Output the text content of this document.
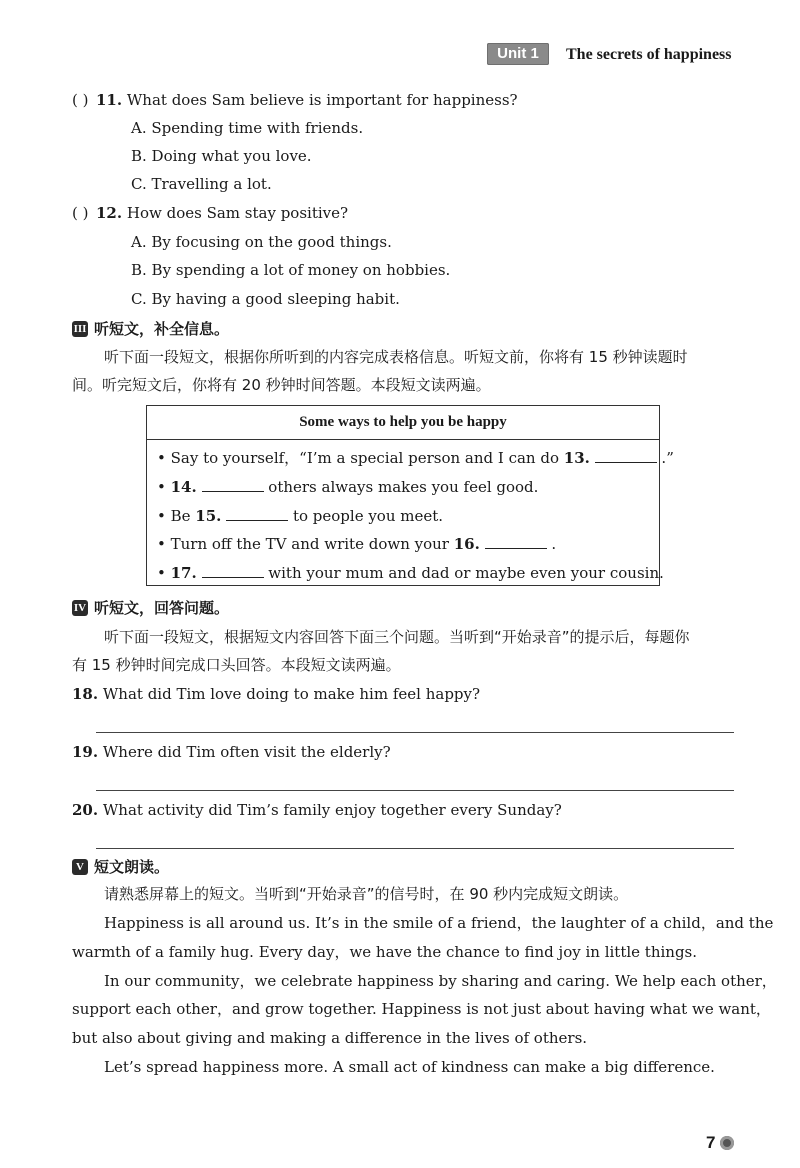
Unit 1	The secrets of happiness
( ) 11. What does Sam believe is important for happiness?
A. Spending time with friends.
B. Doing what you love.
C. Travelling a lot.
( ) 12. How does Sam stay positive?
A. By focusing on the good things.
B. By spending a lot of money on hobbies.
C. By having a good sleeping habit.
III 听短文，补全信息。
听下面一段短文，根据你所听到的内容完成表格信息。听短文前，你将有 15 秒钟读题时
间。听完短文后，你将有 20 秒钟时间答题。本段短文读两遍。
Some ways to help you be happy
• Say to yourself，“I’m a special person and I can do 13.	.”
• 14.	others always makes you feel good.
• Be 15.	to people you meet.
• Turn off the TV and write down your 16.	.
• 17.	with your mum and dad or maybe even your cousin.
IV 听短文，回答问题。
听下面一段短文，根据短文内容回答下面三个问题。当听到“开始录音”的提示后，每题你
有 15 秒钟时间完成口头回答。本段短文读两遍。
18. What did Tim love doing to make him feel happy?
19. Where did Tim often visit the elderly?
20. What activity did Tim’s family enjoy together every Sunday?
V 短文朗读。
请熟悉屏幕上的短文。当听到“开始录音”的信号时，在 90 秒内完成短文朗读。
Happiness is all around us. It’s in the smile of a friend，the laughter of a child，and the
warmth of a family hug. Every day，we have the chance to find joy in little things.
In our community，we celebrate happiness by sharing and caring. We help each other，
support each other，and grow together. Happiness is not just about having what we want，
but also about giving and making a difference in the lives of others.
Let’s spread happiness more. A small act of kindness can make a big difference.
7
